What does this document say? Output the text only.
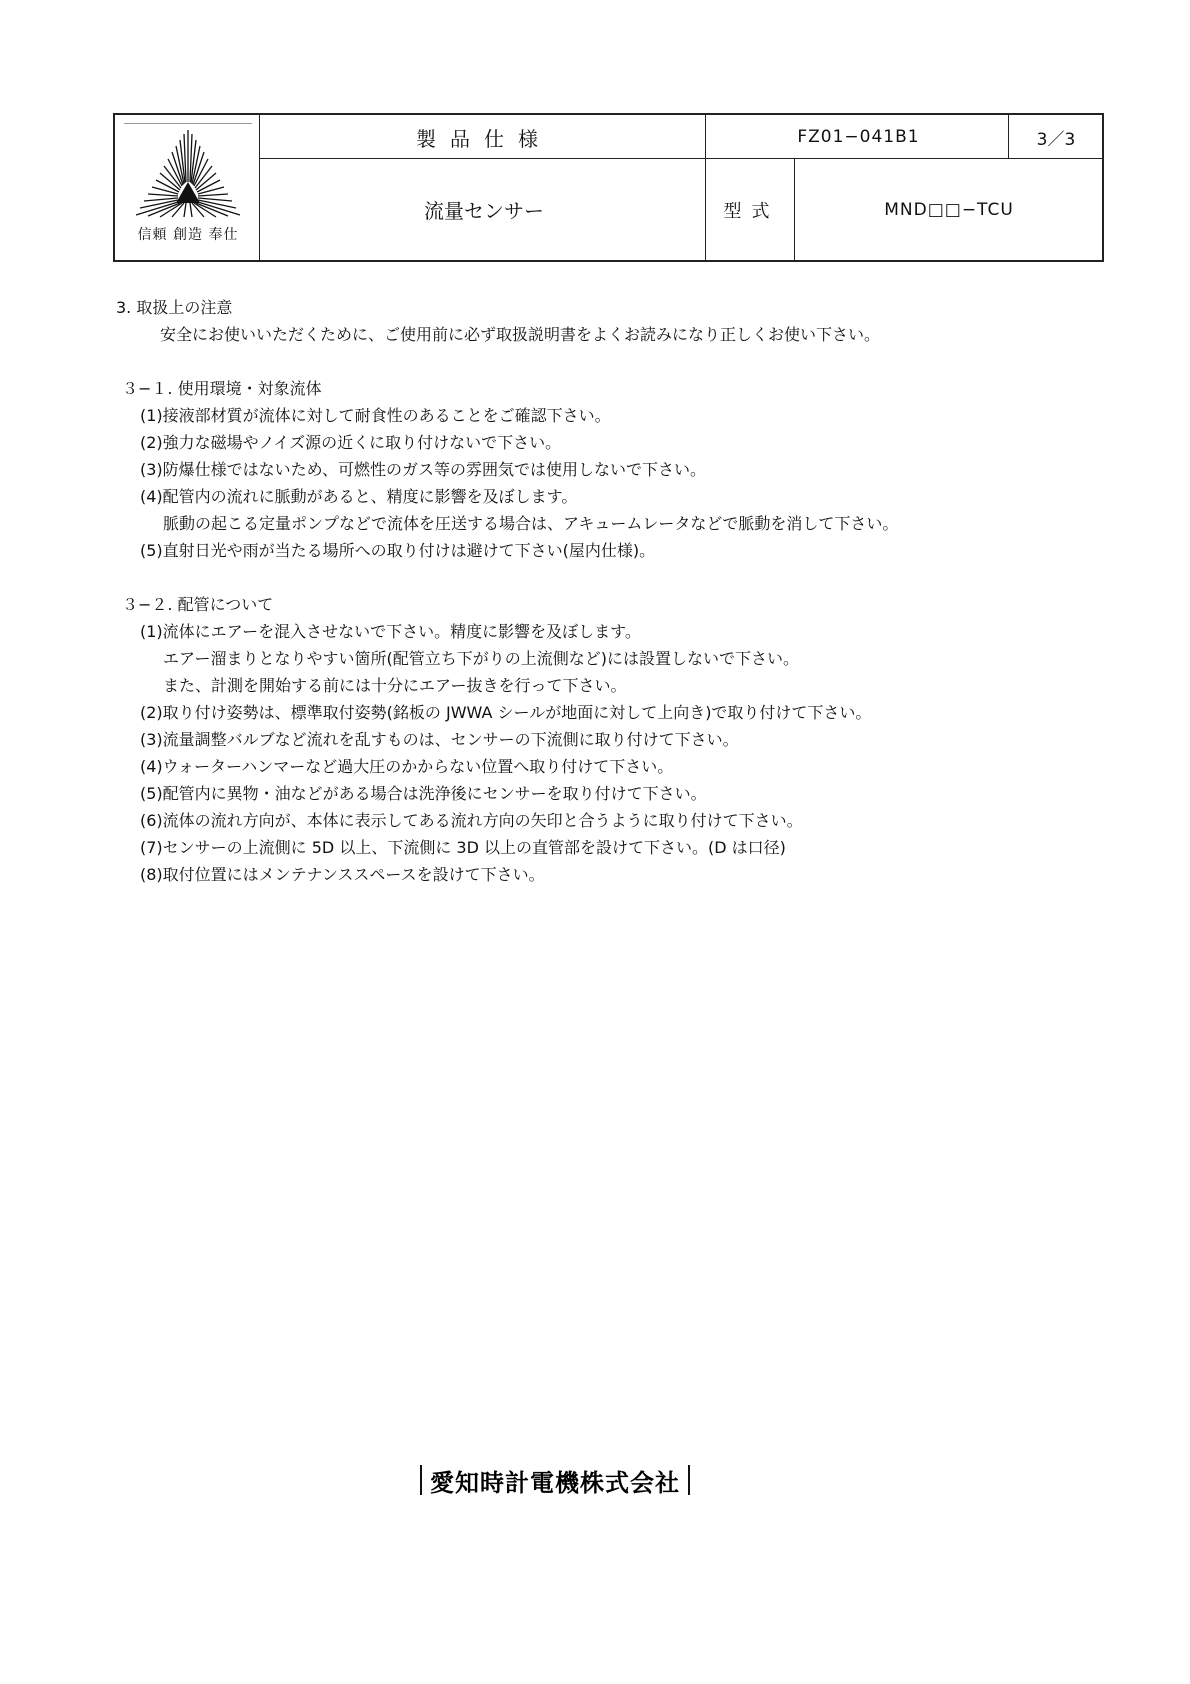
信頼 創造 奉仕
製品仕様	FZ01−041B1	3／3
流量センサー	型式	MND□□−TCU
3. 取扱上の注意
安全にお使いいただくために、ご使用前に必ず取扱説明書をよくお読みになり正しくお使い下さい。
３−１. 使用環境・対象流体
(1)接液部材質が流体に対して耐食性のあることをご確認下さい。
(2)強力な磁場やノイズ源の近くに取り付けないで下さい。
(3)防爆仕様ではないため、可燃性のガス等の雰囲気では使用しないで下さい。
(4)配管内の流れに脈動があると、精度に影響を及ぼします。
脈動の起こる定量ポンプなどで流体を圧送する場合は、アキュームレータなどで脈動を消して下さい。
(5)直射日光や雨が当たる場所への取り付けは避けて下さい(屋内仕様)。
３−２. 配管について
(1)流体にエアーを混入させないで下さい。精度に影響を及ぼします。
エアー溜まりとなりやすい箇所(配管立ち下がりの上流側など)には設置しないで下さい。
また、計測を開始する前には十分にエアー抜きを行って下さい。
(2)取り付け姿勢は、標準取付姿勢(銘板の JWWA シールが地面に対して上向き)で取り付けて下さい。
(3)流量調整バルブなど流れを乱すものは、センサーの下流側に取り付けて下さい。
(4)ウォーターハンマーなど過大圧のかからない位置へ取り付けて下さい。
(5)配管内に異物・油などがある場合は洗浄後にセンサーを取り付けて下さい。
(6)流体の流れ方向が、本体に表示してある流れ方向の矢印と合うように取り付けて下さい。
(7)センサーの上流側に 5D 以上、下流側に 3D 以上の直管部を設けて下さい。(D は口径)
(8)取付位置にはメンテナンススペースを設けて下さい。
愛知時計電機株式会社
